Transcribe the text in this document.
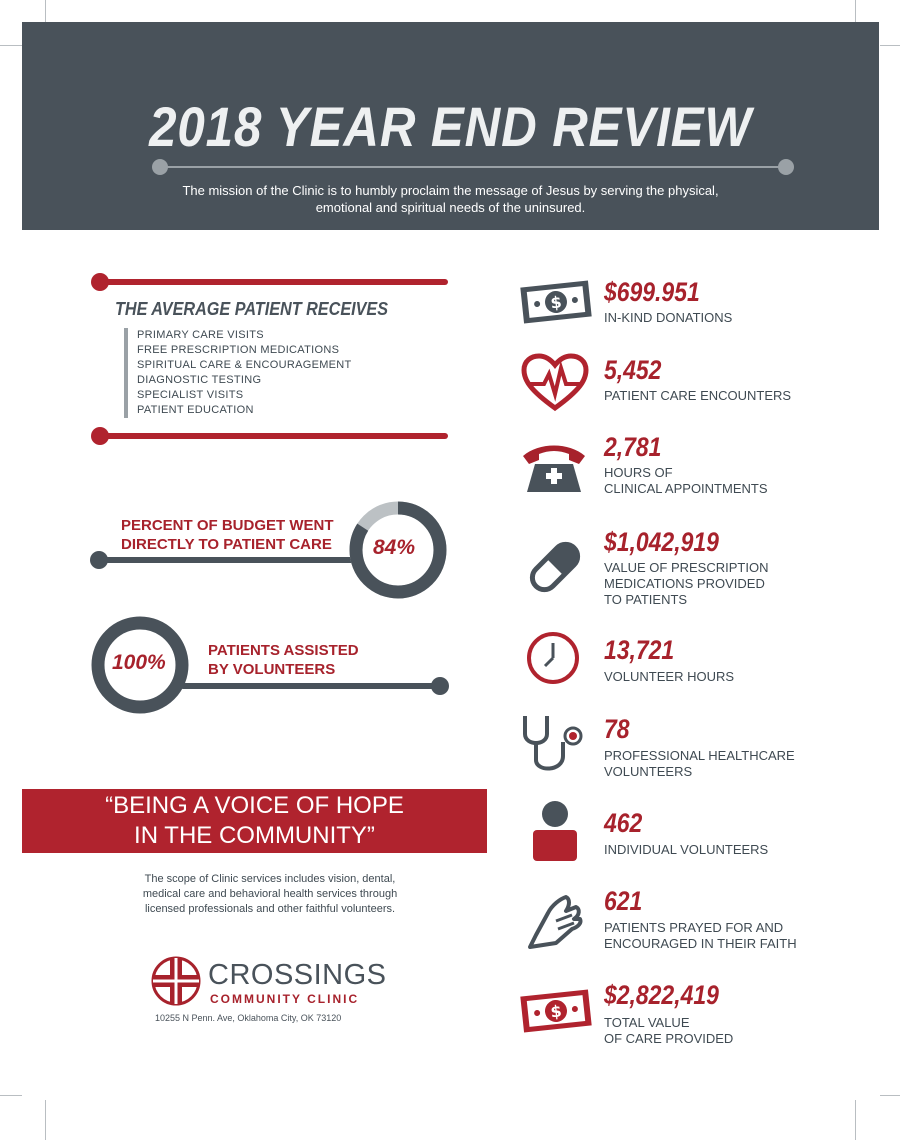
2018 YEAR END REVIEW
The mission of the Clinic is to humbly proclaim the message of Jesus by serving the physical,
emotional and spiritual needs of the uninsured.
THE AVERAGE PATIENT RECEIVES
PRIMARY CARE VISITS
FREE PRESCRIPTION MEDICATIONS
SPIRITUAL CARE & ENCOURAGEMENT
DIAGNOSTIC TESTING
SPECIALIST VISITS
PATIENT EDUCATION
PERCENT OF BUDGET WENT
DIRECTLY TO PATIENT CARE 84%
100%
PATIENTS ASSISTED
BY VOLUNTEERS
“BEING A VOICE OF HOPE
IN THE COMMUNITY”
The scope of Clinic services includes vision, dental,
medical care and behavioral health services through
licensed professionals and other faithful volunteers.
CROSSINGS
COMMUNITY CLINIC
10255 N Penn. Ave, Oklahoma City, OK 73120
$ $699.951
IN-KIND DONATIONS
5,452
PATIENT CARE ENCOUNTERS
2,781
HOURS OF
CLINICAL APPOINTMENTS
$1,042,919
VALUE OF PRESCRIPTION
MEDICATIONS PROVIDED
TO PATIENTS
13,721
VOLUNTEER HOURS
78
PROFESSIONAL HEALTHCARE
VOLUNTEERS
462
INDIVIDUAL VOLUNTEERS
621
PATIENTS PRAYED FOR AND
ENCOURAGED IN THEIR FAITH
$
$2,822,419
TOTAL VALUE
OF CARE PROVIDED
